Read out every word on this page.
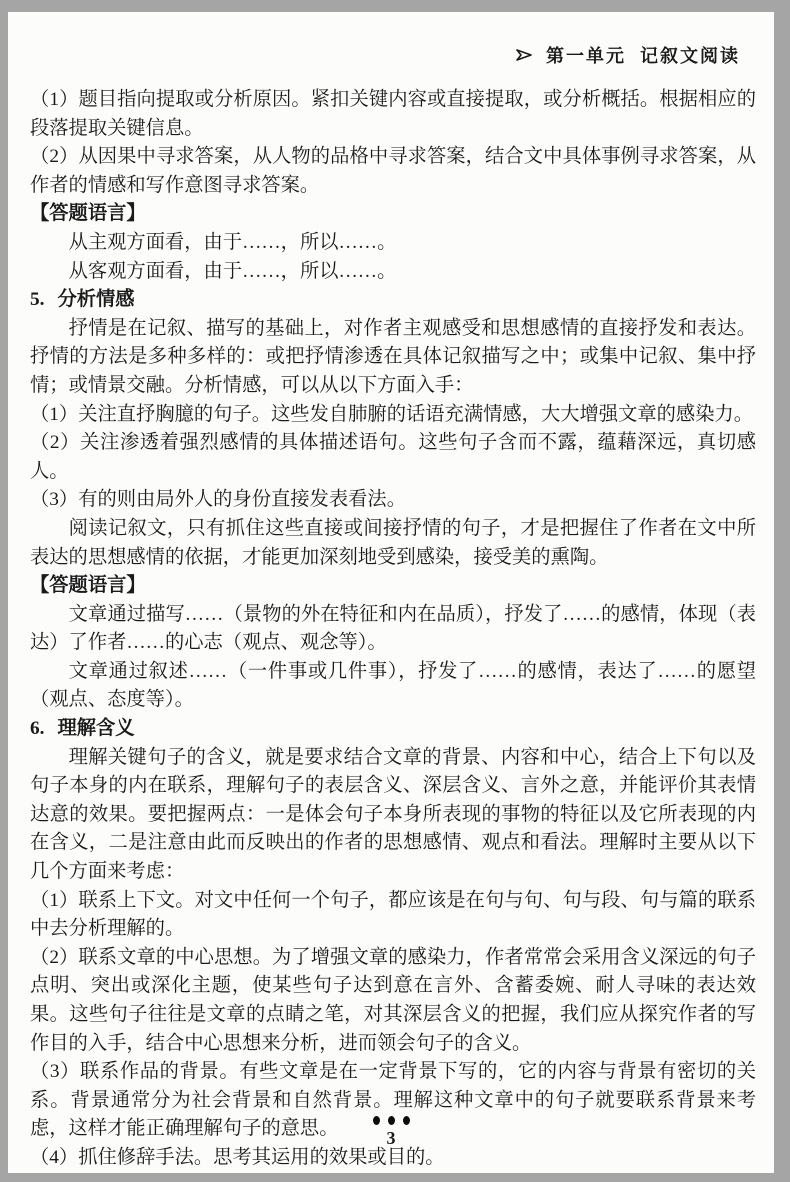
第一单元 记叙文阅读

（1）题目指向提取或分析原因。紧扣关键内容或直接提取，或分析概括。根据相应的段落提取关键信息。

（2）从因果中寻求答案，从人物的品格中寻求答案，结合文中具体事例寻求答案，从作者的情感和写作意图寻求答案。

【答题语言】

从主观方面看，由于……，所以……。

从客观方面看，由于……，所以……。

5. 分析情感

抒情是在记叙、描写的基础上，对作者主观感受和思想感情的直接抒发和表达。抒情的方法是多种多样的：或把抒情渗透在具体记叙描写之中；或集中记叙、集中抒情；或情景交融。分析情感，可以从以下方面入手：

（1）关注直抒胸臆的句子。这些发自肺腑的话语充满情感，大大增强文章的感染力。

（2）关注渗透着强烈感情的具体描述语句。这些句子含而不露，蕴藉深远，真切感人。

（3）有的则由局外人的身份直接发表看法。

阅读记叙文，只有抓住这些直接或间接抒情的句子，才是把握住了作者在文中所表达的思想感情的依据，才能更加深刻地受到感染，接受美的熏陶。

【答题语言】

文章通过描写……（景物的外在特征和内在品质），抒发了……的感情，体现（表达）了作者……的心志（观点、观念等）。

文章通过叙述……（一件事或几件事），抒发了……的感情，表达了……的愿望（观点、态度等）。

6. 理解含义

理解关键句子的含义，就是要求结合文章的背景、内容和中心，结合上下句以及句子本身的内在联系，理解句子的表层含义、深层含义、言外之意，并能评价其表情达意的效果。要把握两点：一是体会句子本身所表现的事物的特征以及它所表现的内在含义，二是注意由此而反映出的作者的思想感情、观点和看法。理解时主要从以下几个方面来考虑：

（1）联系上下文。对文中任何一个句子，都应该是在句与句、句与段、句与篇的联系中去分析理解的。

（2）联系文章的中心思想。为了增强文章的感染力，作者常常会采用含义深远的句子点明、突出或深化主题，使某些句子达到意在言外、含蓄委婉、耐人寻味的表达效果。这些句子往往是文章的点睛之笔，对其深层含义的把握，我们应从探究作者的写作目的入手，结合中心思想来分析，进而领会句子的含义。

（3）联系作品的背景。有些文章是在一定背景下写的，它的内容与背景有密切的关系。背景通常分为社会背景和自然背景。理解这种文章中的句子就要联系背景来考虑，这样才能正确理解句子的意思。

（4）抓住修辞手法。思考其运用的效果或目的。

3
